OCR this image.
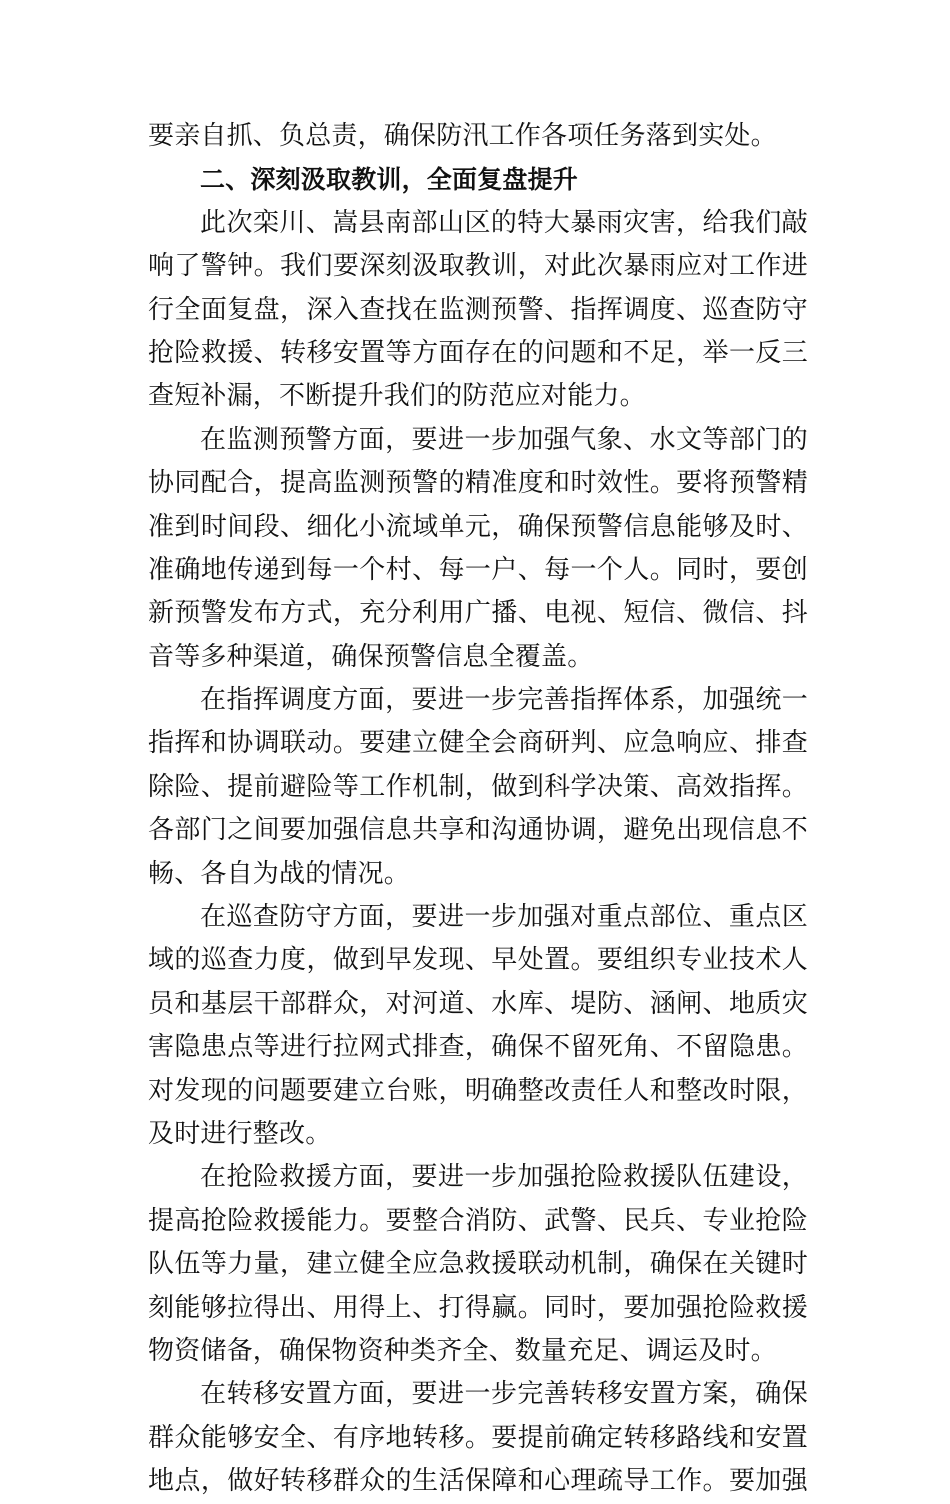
要亲自抓、负总责，确保防汛工作各项任务落到实处。
二、深刻汲取教训，全面复盘提升
此次栾川、嵩县南部山区的特大暴雨灾害，给我们敲
响了警钟。我们要深刻汲取教训，对此次暴雨应对工作进
行全面复盘，深入查找在监测预警、指挥调度、巡查防守
抢险救援、转移安置等方面存在的问题和不足，举一反三
查短补漏，不断提升我们的防范应对能力。
在监测预警方面，要进一步加强气象、水文等部门的
协同配合，提高监测预警的精准度和时效性。要将预警精
准到时间段、细化小流域单元，确保预警信息能够及时、
准确地传递到每一个村、每一户、每一个人。同时，要创
新预警发布方式，充分利用广播、电视、短信、微信、抖
音等多种渠道，确保预警信息全覆盖。
在指挥调度方面，要进一步完善指挥体系，加强统一
指挥和协调联动。要建立健全会商研判、应急响应、排查
除险、提前避险等工作机制，做到科学决策、高效指挥。
各部门之间要加强信息共享和沟通协调，避免出现信息不
畅、各自为战的情况。
在巡查防守方面，要进一步加强对重点部位、重点区
域的巡查力度，做到早发现、早处置。要组织专业技术人
员和基层干部群众，对河道、水库、堤防、涵闸、地质灾
害隐患点等进行拉网式排查，确保不留死角、不留隐患。
对发现的问题要建立台账，明确整改责任人和整改时限，
及时进行整改。
在抢险救援方面，要进一步加强抢险救援队伍建设，
提高抢险救援能力。要整合消防、武警、民兵、专业抢险
队伍等力量，建立健全应急救援联动机制，确保在关键时
刻能够拉得出、用得上、打得赢。同时，要加强抢险救援
物资储备，确保物资种类齐全、数量充足、调运及时。
在转移安置方面，要进一步完善转移安置方案，确保
群众能够安全、有序地转移。要提前确定转移路线和安置
地点，做好转移群众的生活保障和心理疏导工作。要加强
